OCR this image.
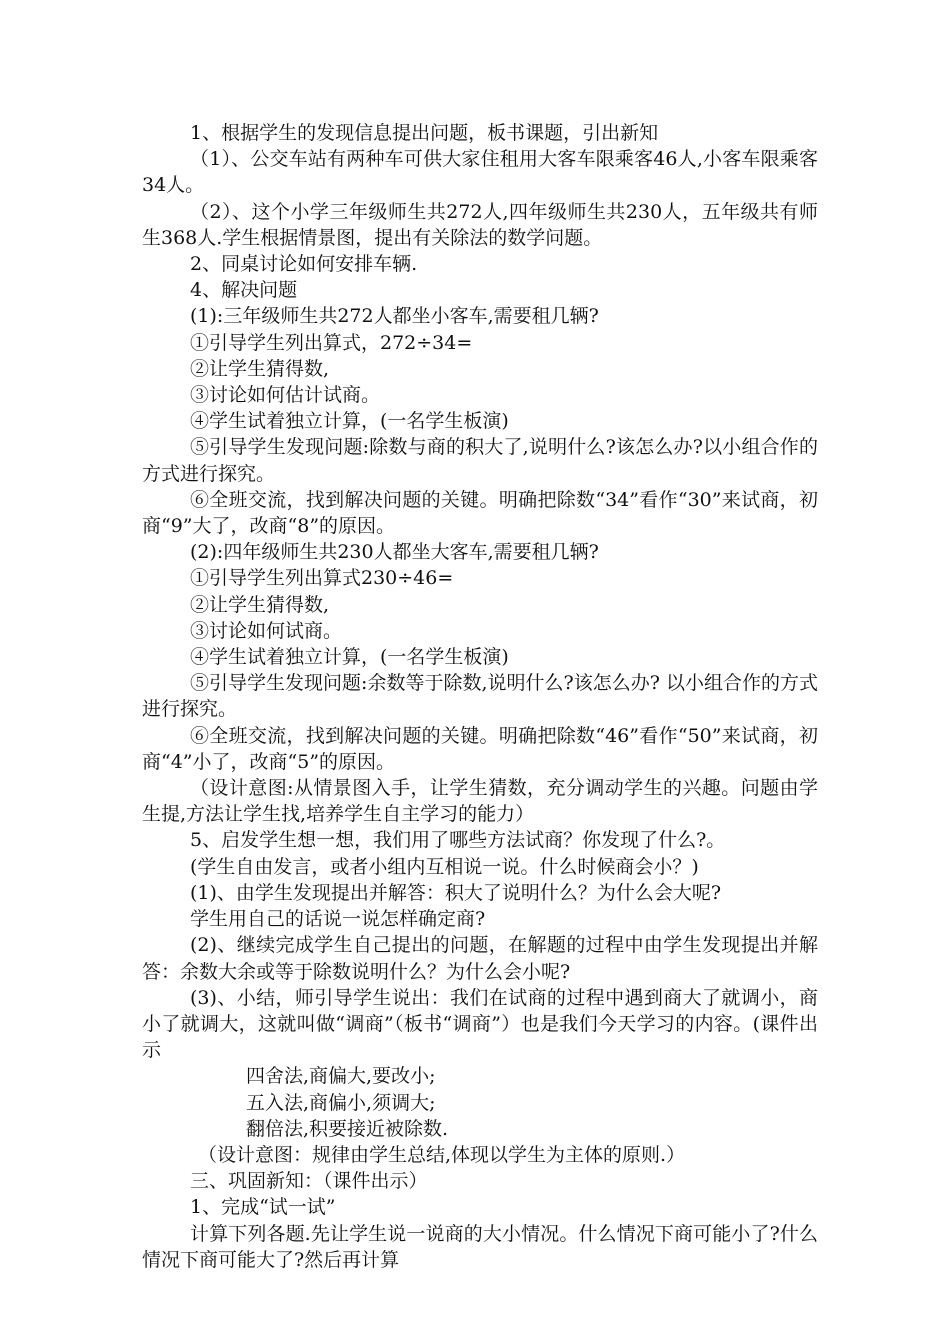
1、根据学生的发现信息提出问题，板书课题，引出新知

（1）、公交车站有两种车可供大家住租用大客车限乘客46人,小客车限乘客34人。

（2）、这个小学三年级师生共272人,四年级师生共230人，五年级共有师生368人.学生根据情景图，提出有关除法的数学问题。

2、同桌讨论如何安排车辆.

4、解决问题

(1):三年级师生共272人都坐小客车,需要租几辆?

①引导学生列出算式，272÷34=

②让学生猜得数,

③讨论如何估计试商。

④学生试着独立计算，(一名学生板演)

⑤引导学生发现问题:除数与商的积大了,说明什么?该怎么办?以小组合作的方式进行探究。

⑥全班交流，找到解决问题的关键。明确把除数“34”看作“30”来试商，初商“9”大了，改商“8”的原因。

(2):四年级师生共230人都坐大客车,需要租几辆?

①引导学生列出算式230÷46=

②让学生猜得数,

③讨论如何试商。

④学生试着独立计算，(一名学生板演)

⑤引导学生发现问题:余数等于除数,说明什么?该怎么办? 以小组合作的方式进行探究。

⑥全班交流，找到解决问题的关键。明确把除数“46”看作“50”来试商，初商“4”小了，改商“5”的原因。

（设计意图:从情景图入手，让学生猜数，充分调动学生的兴趣。问题由学生提,方法让学生找,培养学生自主学习的能力）

5、启发学生想一想，我们用了哪些方法试商？你发现了什么?。

(学生自由发言，或者小组内互相说一说。什么时候商会小？)

(1)、由学生发现提出并解答：积大了说明什么？为什么会大呢?

学生用自己的话说一说怎样确定商?

(2)、继续完成学生自己提出的问题，在解题的过程中由学生发现提出并解答：余数大余或等于除数说明什么？为什么会小呢?

(3)、小结，师引导学生说出：我们在试商的过程中遇到商大了就调小，商小了就调大，这就叫做“调商”（板书“调商”）也是我们今天学习的内容。(课件出示

四舍法,商偏大,要改小;

五入法,商偏小,须调大;

翻倍法,积要接近被除数.

（设计意图：规律由学生总结,体现以学生为主体的原则.）

三、巩固新知：（课件出示）

1、完成“试一试”

计算下列各题.先让学生说一说商的大小情况。什么情况下商可能小了?什么情况下商可能大了?然后再计算
